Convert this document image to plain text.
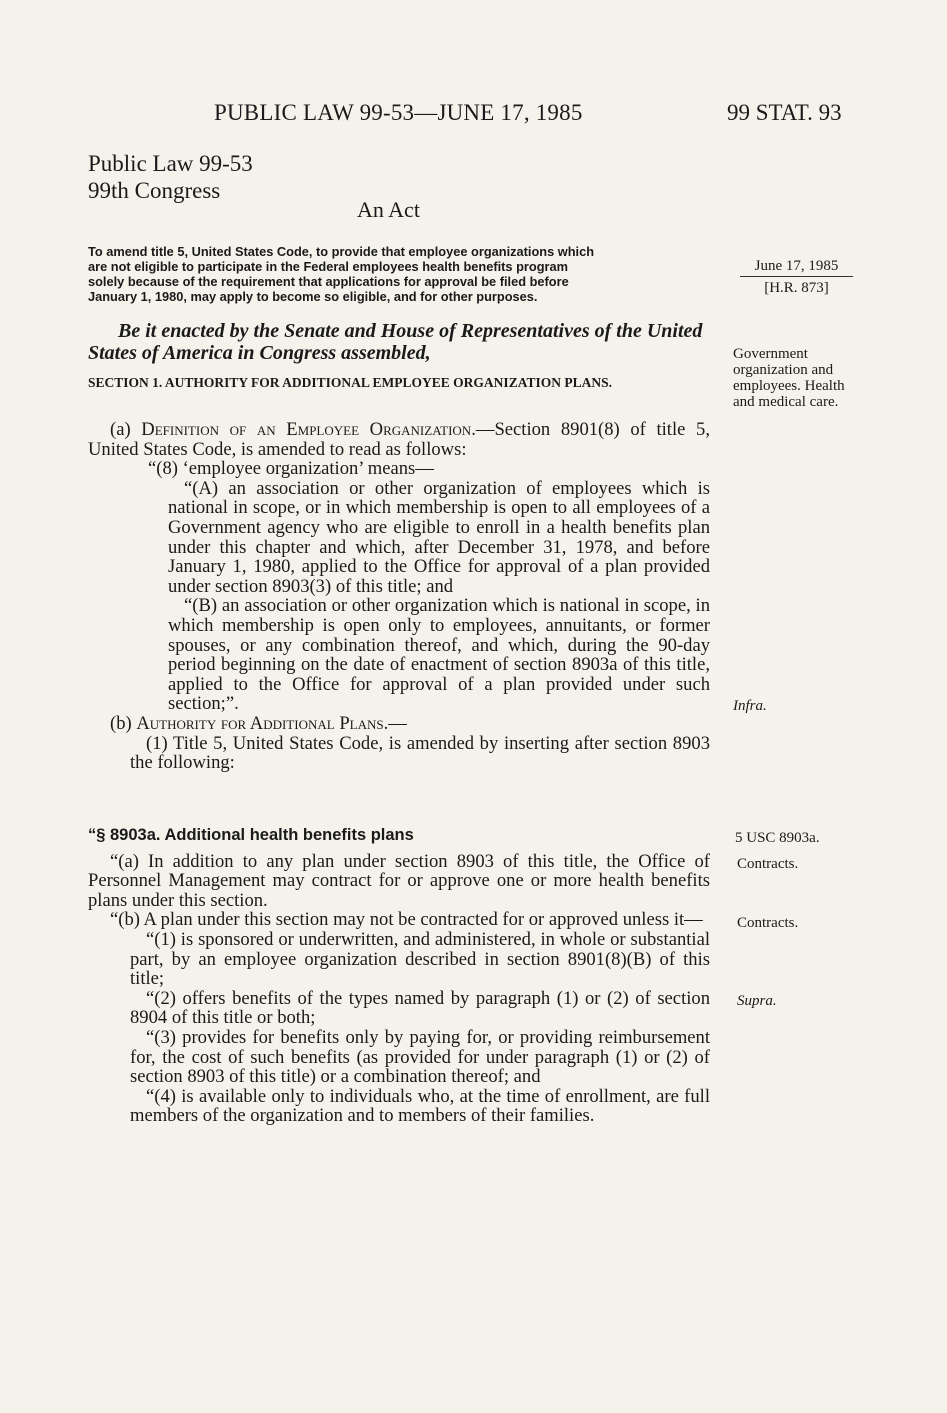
PUBLIC LAW 99-53—JUNE 17, 1985	99 STAT. 93
Public Law 99-53
99th Congress
An Act
To amend title 5, United States Code, to provide that employee organizations which
are not eligible to participate in the Federal employees health benefits program
solely because of the requirement that applications for approval be filed before
January 1, 1980, may apply to become so eligible, and for other purposes.
Be it enacted by the Senate and House of Representatives of the United States of America in Congress assembled,
SECTION 1. AUTHORITY FOR ADDITIONAL EMPLOYEE ORGANIZATION PLANS.
(a) Definition of an Employee Organization.—Section 8901(8) of title 5, United States Code, is amended to read as follows:
“(8) ‘employee organization’ means—
“(A) an association or other organization of employees which is national in scope, or in which membership is open to all employees of a Government agency who are eligible to enroll in a health benefits plan under this chapter and which, after December 31, 1978, and before January 1, 1980, applied to the Office for approval of a plan provided under section 8903(3) of this title; and
“(B) an association or other organization which is national in scope, in which membership is open only to employees, annuitants, or former spouses, or any combination thereof, and which, during the 90-day period beginning on the date of enactment of section 8903a of this title, applied to the Office for approval of a plan provided under such section;”.
(b) Authority for Additional Plans.—
(1) Title 5, United States Code, is amended by inserting after section 8903 the following:
“§ 8903a. Additional health benefits plans
“(a) In addition to any plan under section 8903 of this title, the Office of Personnel Management may contract for or approve one or more health benefits plans under this section.
“(b) A plan under this section may not be contracted for or approved unless it—
“(1) is sponsored or underwritten, and administered, in whole or substantial part, by an employee organization described in section 8901(8)(B) of this title;
“(2) offers benefits of the types named by paragraph (1) or (2) of section 8904 of this title or both;
“(3) provides for benefits only by paying for, or providing reimbursement for, the cost of such benefits (as provided for under paragraph (1) or (2) of section 8903 of this title) or a combination thereof; and
“(4) is available only to individuals who, at the time of enrollment, are full members of the organization and to members of their families.
June 17, 1985
[H.R. 873]
Government organization and employees. Health and medical care.
Infra.
5 USC 8903a.
Contracts.
Contracts.
Supra.
